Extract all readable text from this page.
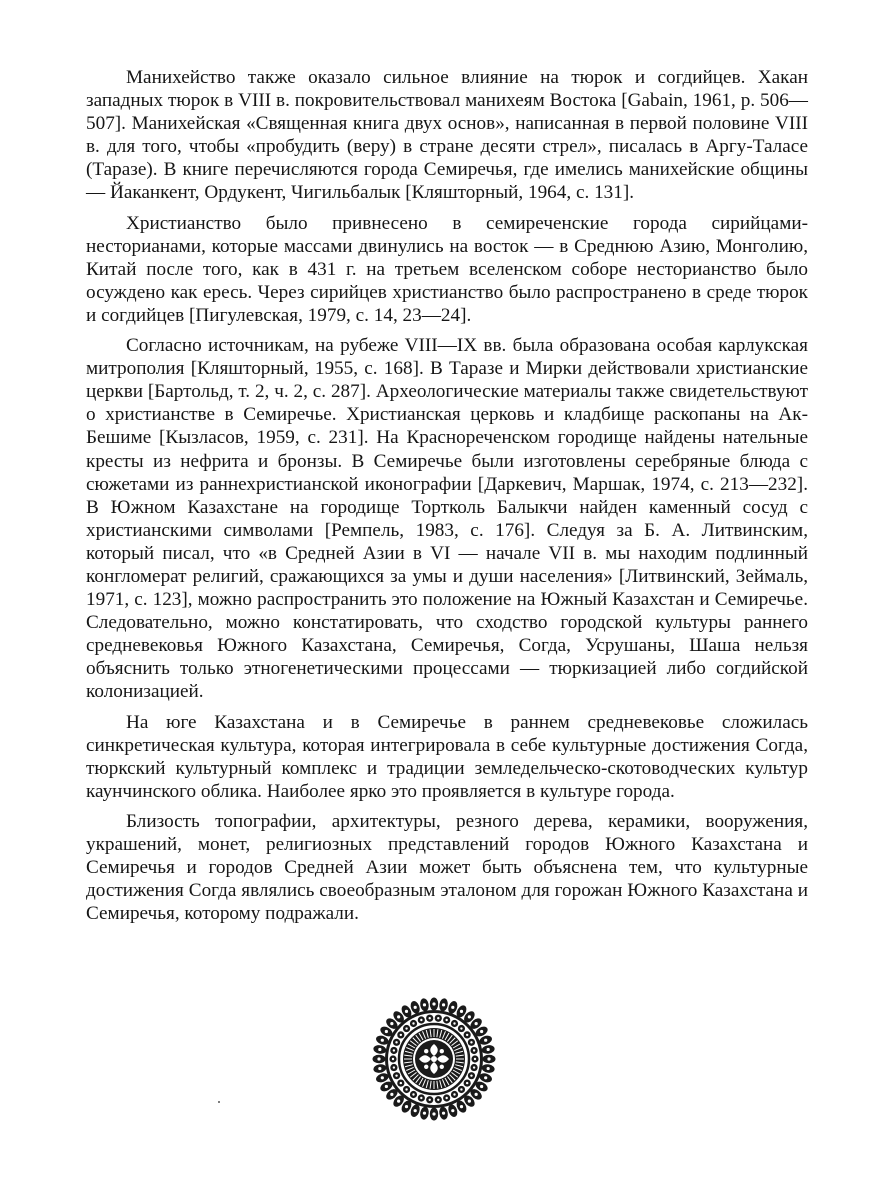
Манихейство также оказало сильное влияние на тюрок и согдийцев. Хакан западных тюрок в VIII в. покровительствовал манихеям Востока [Gabain, 1961, p. 506—507]. Манихейская «Священная книга двух основ», написанная в первой половине VIII в. для того, чтобы «пробудить (веру) в стране десяти стрел», писалась в Аргу-Таласе (Таразе). В книге перечисляются города Семиречья, где имелись манихейские общины — Йаканкент, Ордукент, Чигильбалык [Кляшторный, 1964, с. 131].

Христианство было привнесено в семиреченские города сирийцами-несторианами, которые массами двинулись на восток — в Среднюю Азию, Монголию, Китай после того, как в 431 г. на третьем вселенском соборе несторианство было осуждено как ересь. Через сирийцев христианство было распространено в среде тюрок и согдийцев [Пигулевская, 1979, с. 14, 23—24].

Согласно источникам, на рубеже VIII—IX вв. была образована особая карлукская митрополия [Кляшторный, 1955, с. 168]. В Таразе и Мирки действовали христианские церкви [Бартольд, т. 2, ч. 2, с. 287]. Археологические материалы также свидетельствуют о христианстве в Семиречье. Христианская церковь и кладбище раскопаны на Ак-Бешиме [Кызласов, 1959, с. 231]. На Краснореченском городище найдены нательные кресты из нефрита и бронзы. В Семиречье были изготовлены серебряные блюда с сюжетами из раннехристианской иконографии [Даркевич, Маршак, 1974, с. 213—232]. В Южном Казахстане на городище Тортколь Балыкчи найден каменный сосуд с христианскими символами [Ремпель, 1983, с. 176]. Следуя за Б. А. Литвинским, который писал, что «в Средней Азии в VI — начале VII в. мы находим подлинный конгломерат религий, сражающихся за умы и души населения» [Литвинский, Зеймаль, 1971, с. 123], можно распространить это положение на Южный Казахстан и Семиречье. Следовательно, можно констатировать, что сходство городской культуры раннего средневековья Южного Казахстана, Семиречья, Согда, Усрушаны, Шаша нельзя объяснить только этногенетическими процессами — тюркизацией либо согдийской колонизацией.

На юге Казахстана и в Семиречье в раннем средневековье сложилась синкретическая культура, которая интегрировала в себе культурные достижения Согда, тюркский культурный комплекс и традиции земледельческо-скотоводческих культур каунчинского облика. Наиболее ярко это проявляется в культуре города.

Близость топографии, архитектуры, резного дерева, керамики, вооружения, украшений, монет, религиозных представлений городов Южного Казахстана и Семиречья и городов Средней Азии может быть объяснена тем, что культурные достижения Согда являлись своеобразным эталоном для горожан Южного Казахстана и Семиречья, которому подражали.
